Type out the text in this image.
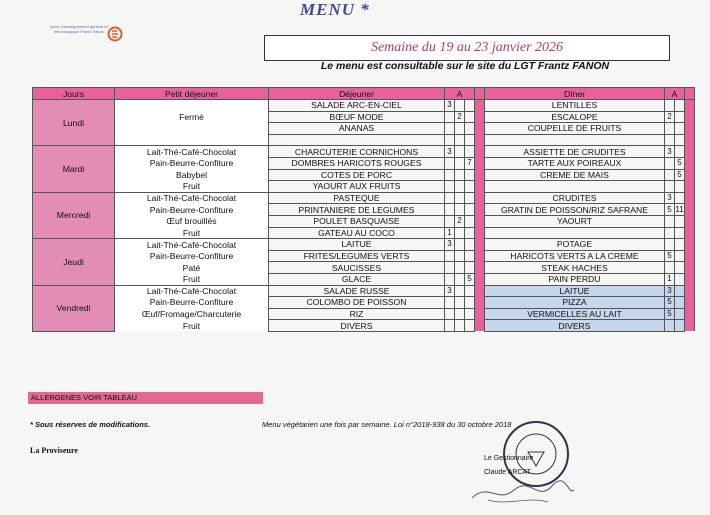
MENU *
lycée d'enseignement général et technologique Frantz Fanon
Semaine du 19 au 23 janvier 2026
Le menu est consultable sur le site du LGT Frantz FANON
Jours	Petit déjeuner	Déjeuner	A				Dîner	A		
Lundi		SALADE ARC-EN-CIEL	3				LENTILLES			
	Fermé	BŒUF MODE		2			ESCALOPE	2		
		ANANAS					COUPELLE DE FRUITS			

Mardi	Lait-Thé-Café-Chocolat	CHARCUTERIE CORNICHONS	3				ASSIETTE DE CRUDITES	3		
	Pain-Beurre-Confiture	DOMBRES HARICOTS ROUGES			7		TARTE AUX POIREAUX		5	
	Babybel	COTES DE PORC					CREME DE MAIS		5	
	Fruit	YAOURT AUX FRUITS								
Mercredi	Lait-Thé-Café-Chocolat	PASTEQUE					CRUDITES	3		
	Pain-Beurre-Confiture	PRINTANIERE DE LEGUMES					GRATIN DE POISSON/RIZ SAFRANE	5	11	
	Œuf brouillés	POULET BASQUAISE		2			YAOURT			
	Fruit	GATEAU AU COCO	1							
Jeudi	Lait-Thé-Café-Chocolat	LAITUE	3				POTAGE			
	Pain-Beurre-Confiture	FRITES/LEGUMES VERTS					HARICOTS VERTS A LA CREME	5		
	Paté	SAUCISSES					STEAK HACHES			
	Fruit	GLACE			5		PAIN PERDU	1		
Vendredi	Lait-Thé-Café-Chocolat	SALADE RUSSE	3				LAITUE	3		
	Pain-Beurre-Confiture	COLOMBO DE POISSON					PIZZA	5		
	Œuf/Fromage/Charcuterie	RIZ					VERMICELLES AU LAIT	5		
	Fruit	DIVERS					DIVERS			
ALLERGENES VOIR TABLEAU
* Sous réserves de modifications.	Menu végétarien une fois par semaine. Loi n°2018-938 du 30 octobre 2018
La Proviseure
Le Gestionnaire
Claude ARCAT
